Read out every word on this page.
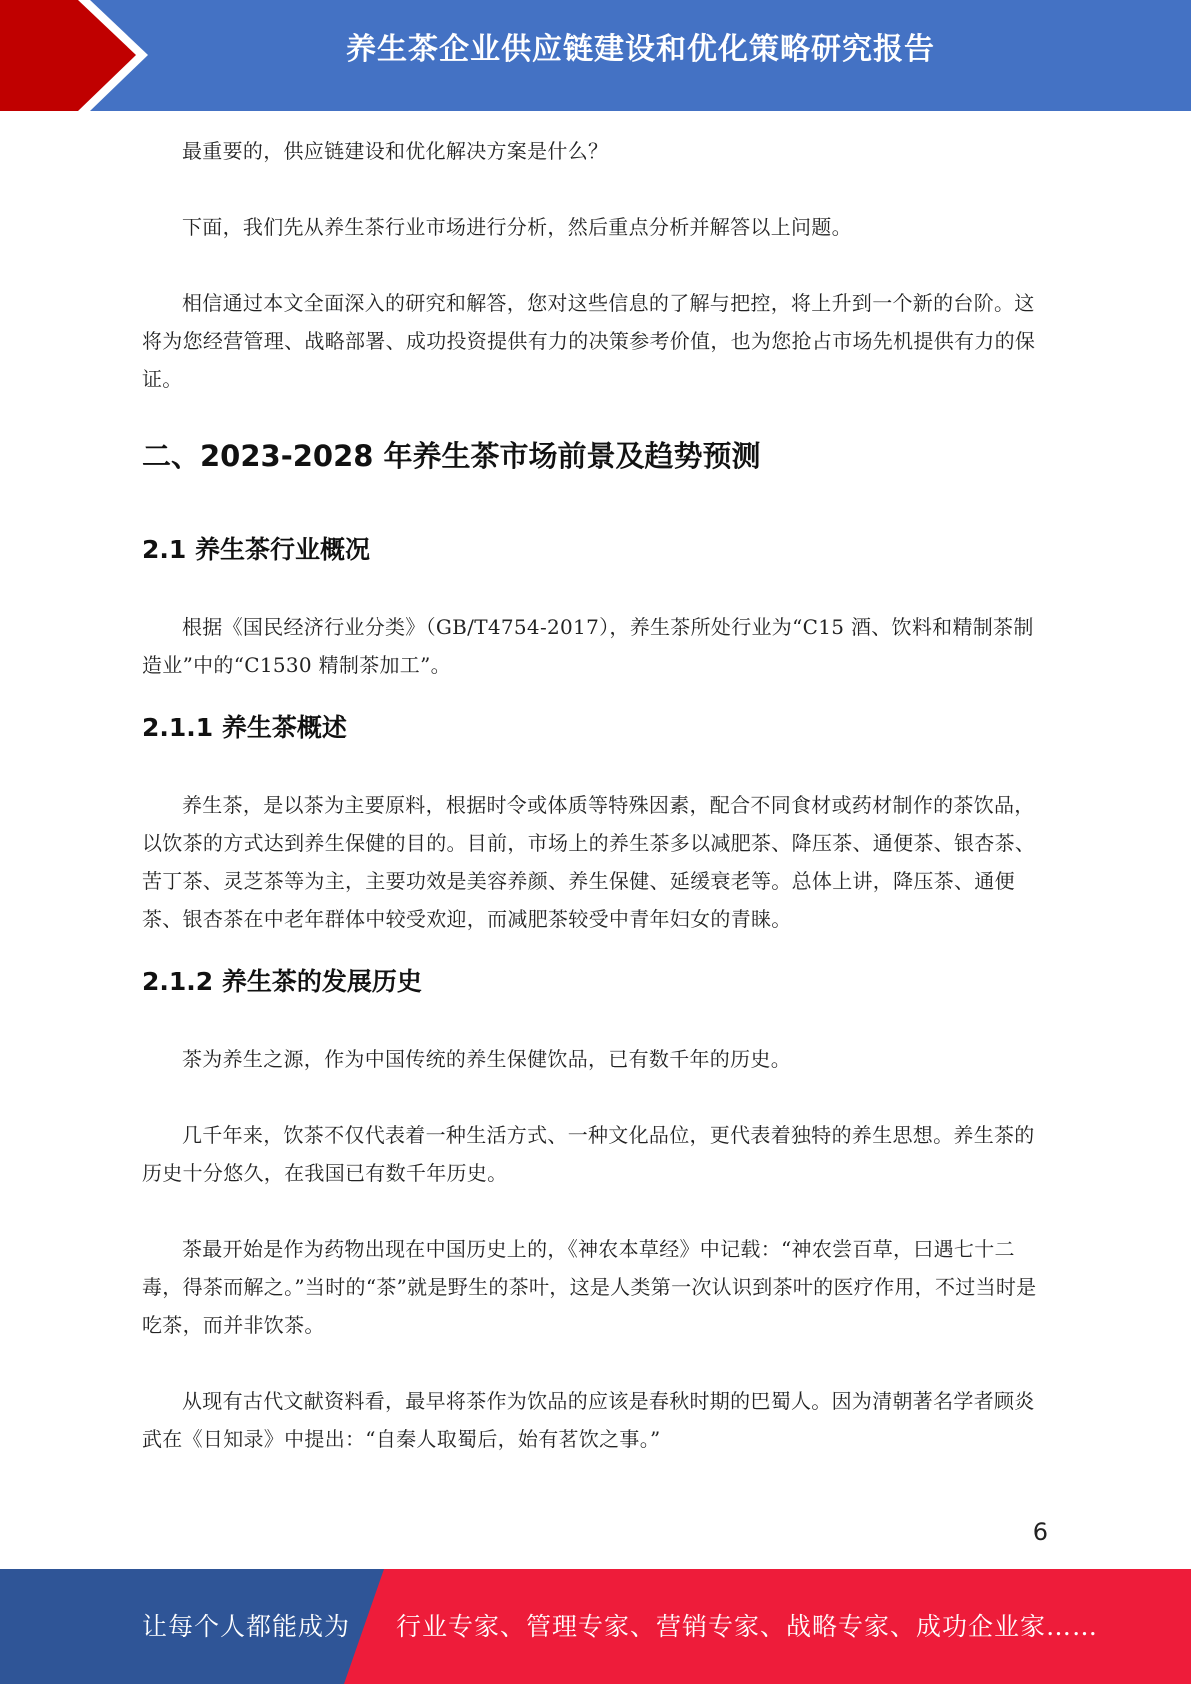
养生茶企业供应链建设和优化策略研究报告

最重要的，供应链建设和优化解决方案是什么？

下面，我们先从养生茶行业市场进行分析，然后重点分析并解答以上问题。

相信通过本文全面深入的研究和解答，您对这些信息的了解与把控，将上升到一个新的台阶。这将为您经营管理、战略部署、成功投资提供有力的决策参考价值，也为您抢占市场先机提供有力的保证。

二、2023-2028 年养生茶市场前景及趋势预测
2.1 养生茶行业概况

根据《国民经济行业分类》（GB/T4754-2017），养生茶所处行业为“C15 酒、饮料和精制茶制造业”中的“C1530 精制茶加工”。

2.1.1 养生茶概述

养生茶，是以茶为主要原料，根据时令或体质等特殊因素，配合不同食材或药材制作的茶饮品，以饮茶的方式达到养生保健的目的。目前，市场上的养生茶多以减肥茶、降压茶、通便茶、银杏茶、苦丁茶、灵芝茶等为主，主要功效是美容养颜、养生保健、延缓衰老等。总体上讲，降压茶、通便茶、银杏茶在中老年群体中较受欢迎，而减肥茶较受中青年妇女的青睐。

2.1.2 养生茶的发展历史

茶为养生之源，作为中国传统的养生保健饮品，已有数千年的历史。

几千年来，饮茶不仅代表着一种生活方式、一种文化品位，更代表着独特的养生思想。养生茶的历史十分悠久，在我国已有数千年历史。

茶最开始是作为药物出现在中国历史上的，《神农本草经》中记载：“神农尝百草，曰遇七十二毒，得茶而解之。”当时的“茶”就是野生的茶叶，这是人类第一次认识到茶叶的医疗作用，不过当时是吃茶，而并非饮茶。

从现有古代文献资料看，最早将茶作为饮品的应该是春秋时期的巴蜀人。因为清朝著名学者顾炎武在《日知录》中提出：“自秦人取蜀后，始有茗饮之事。”

6
让每个人都能成为 行业专家、管理专家、营销专家、战略专家、成功企业家……
